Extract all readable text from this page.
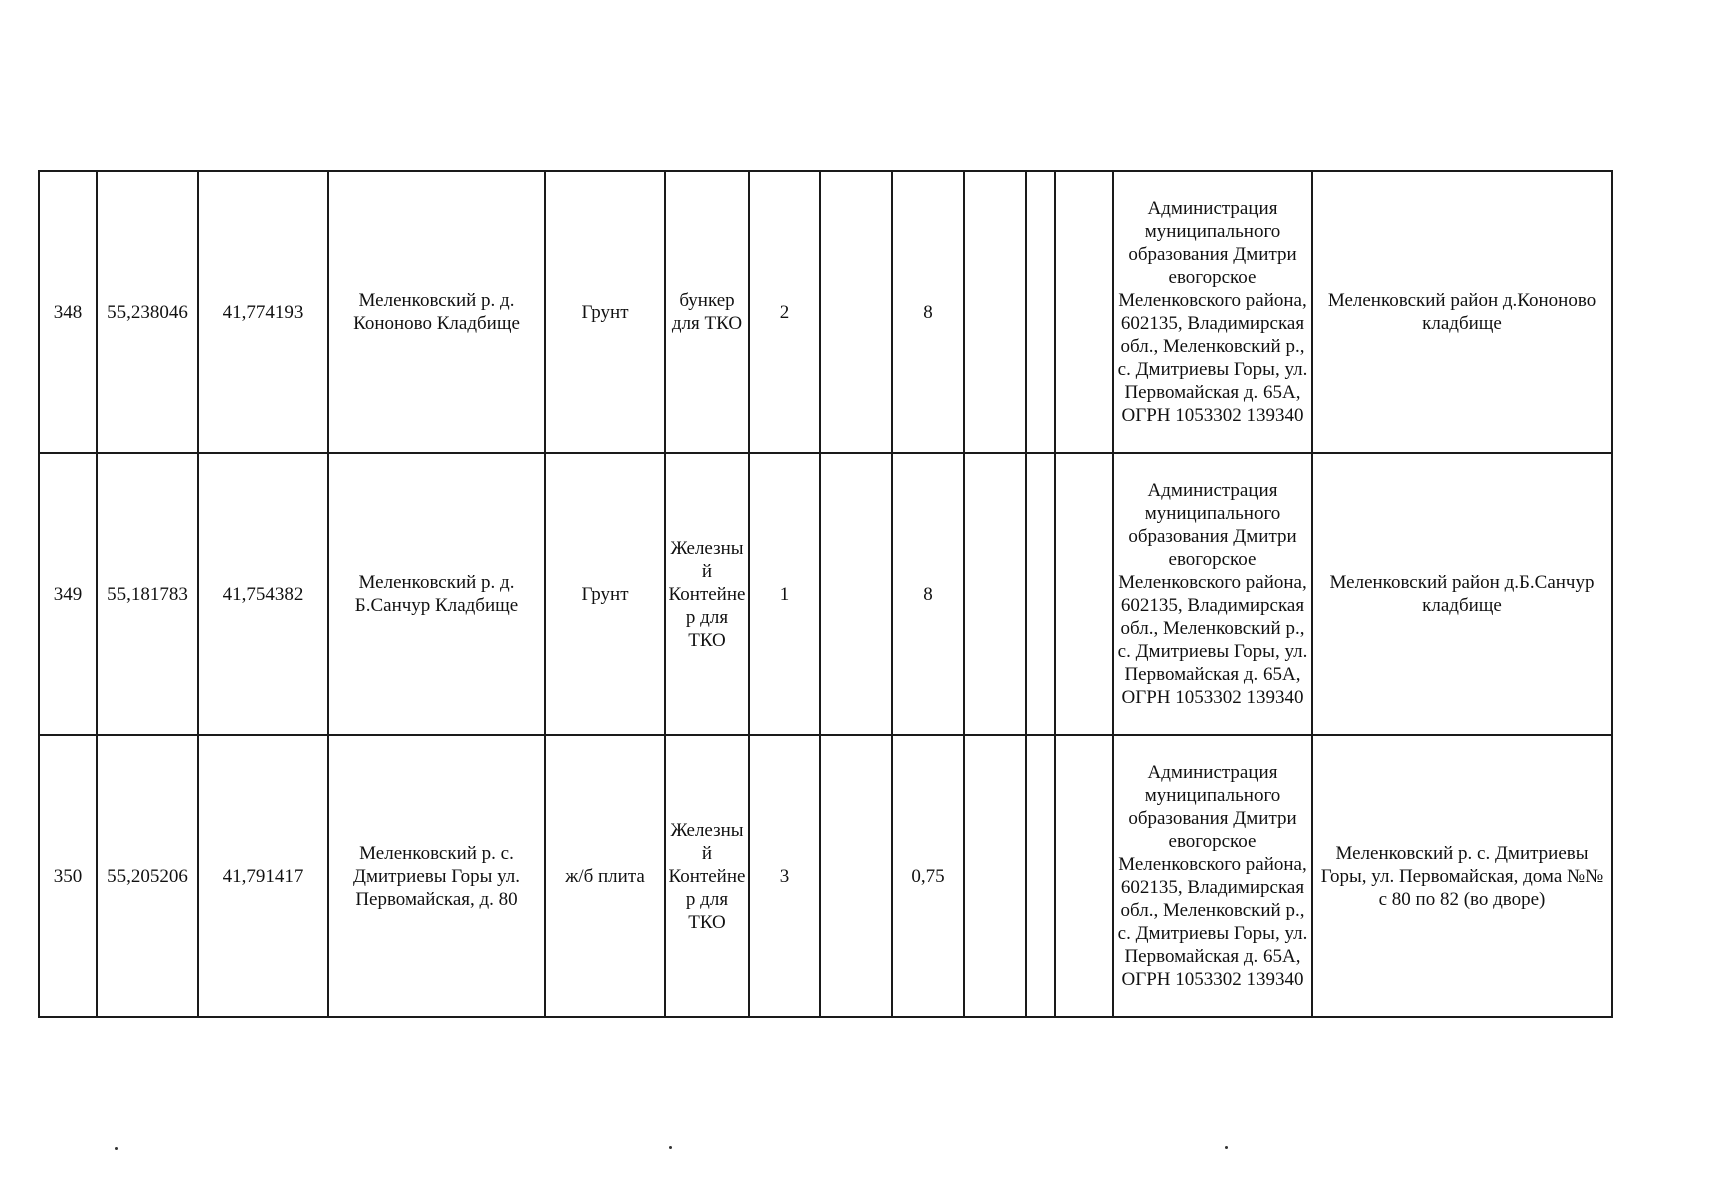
348	55,238046	41,774193	Меленковский р. д. Кононово Кладбище	Грунт	бункер для ТКО	2		8				Администрация муниципального образования Дмитри евогорское Меленковского района, 602135, Владимирская обл., Меленковский р., с. Дмитриевы Горы, ул. Первомайская д. 65А, ОГРН 1053302 139340	Меленковский район д.Кононово кладбище
349	55,181783	41,754382	Меленковский р. д. Б.Санчур Кладбище	Грунт	Железный Контейнер для ТКО	1		8				Администрация муниципального образования Дмитри евогорское Меленковского района, 602135, Владимирская обл., Меленковский р., с. Дмитриевы Горы, ул. Первомайская д. 65А, ОГРН 1053302 139340	Меленковский район д.Б.Санчур кладбище
350	55,205206	41,791417	Меленковский р. с. Дмитриевы Горы ул. Первомайская, д. 80	ж/б плита	Железный Контейнер для ТКО	3		0,75				Администрация муниципального образования Дмитри евогорское Меленковского района, 602135, Владимирская обл., Меленковский р., с. Дмитриевы Горы, ул. Первомайская д. 65А, ОГРН 1053302 139340	Меленковский р. с. Дмитриевы Горы, ул. Первомайская, дома №№ с 80 по 82 (во дворе)
